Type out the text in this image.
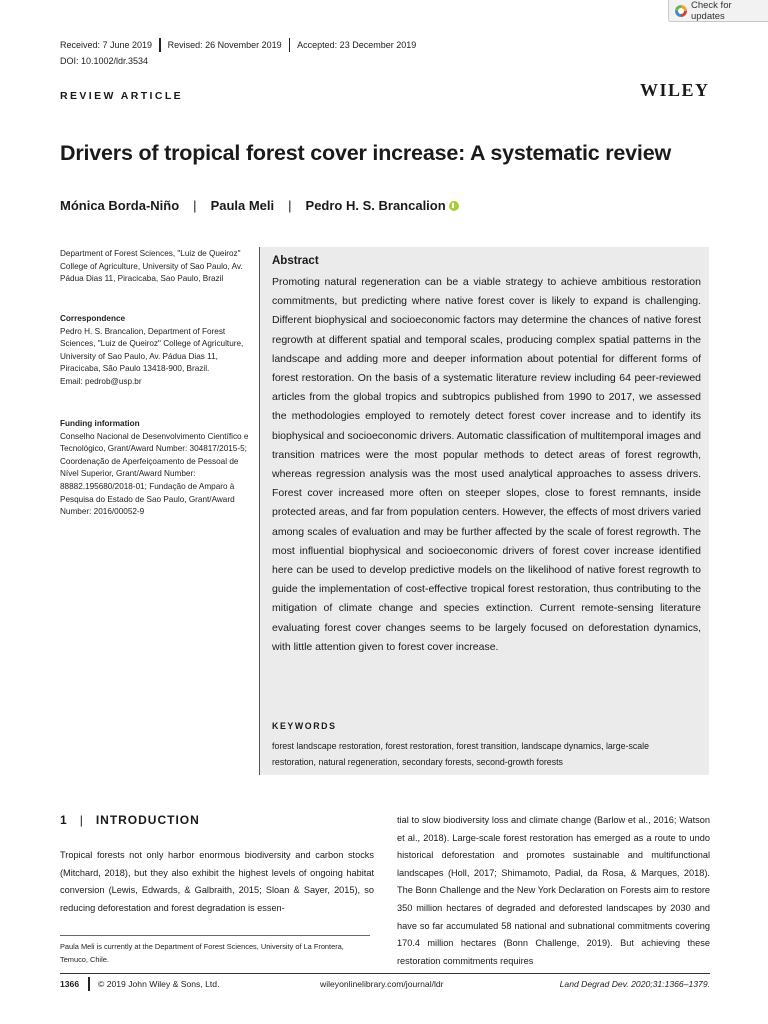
Check for updates
Received: 7 June 2019 Revised: 26 November 2019 Accepted: 23 December 2019
DOI: 10.1002/ldr.3534
REVIEW ARTICLE	WILEY
Drivers of tropical forest cover increase: A systematic review
Mónica Borda-Niño | Paula Meli | Pedro H. S. Brancalion
Department of Forest Sciences, "Luiz de Queiroz" College of Agriculture, University of Sao Paulo, Av. Pádua Dias 11, Piracicaba, Sao Paulo, Brazil
Correspondence
Pedro H. S. Brancalion, Department of Forest Sciences, "Luiz de Queiroz" College of Agriculture, University of Sao Paulo, Av. Pádua Dias 11, Piracicaba, São Paulo 13418-900, Brazil.
Email: pedrob@usp.br
Funding information
Conselho Nacional de Desenvolvimento Científico e Tecnológico, Grant/Award Number: 304817/2015-5; Coordenação de Aperfeiçoamento de Pessoal de Nível Superior, Grant/Award Number: 88882.195680/2018-01; Fundação de Amparo à Pesquisa do Estado de Sao Paulo, Grant/Award Number: 2016/00052-9
Abstract
Promoting natural regeneration can be a viable strategy to achieve ambitious restoration commitments, but predicting where native forest cover is likely to expand is challenging. Different biophysical and socioeconomic factors may determine the chances of native forest regrowth at different spatial and temporal scales, producing complex spatial patterns in the landscape and adding more and deeper information about potential for different forms of forest restoration. On the basis of a systematic literature review including 64 peer-reviewed articles from the global tropics and subtropics published from 1990 to 2017, we assessed the methodologies employed to remotely detect forest cover increase and to identify its biophysical and socioeconomic drivers. Automatic classification of multitemporal images and transition matrices were the most popular methods to detect areas of forest regrowth, whereas regression analysis was the most used analytical approaches to assess drivers. Forest cover increased more often on steeper slopes, close to forest remnants, inside protected areas, and far from population centers. However, the effects of most drivers varied among scales of evaluation and may be further affected by the scale of forest regrowth. The most influential biophysical and socioeconomic drivers of forest cover increase identified here can be used to develop predictive models on the likelihood of native forest regrowth to guide the implementation of cost-effective tropical forest restoration, thus contributing to the mitigation of climate change and species extinction. Current remote-sensing literature evaluating forest cover changes seems to be largely focused on deforestation dynamics, with little attention given to forest cover increase.
KEYWORDS
forest landscape restoration, forest restoration, forest transition, landscape dynamics, large-scale restoration, natural regeneration, secondary forests, second-growth forests
1 | INTRODUCTION
Tropical forests not only harbor enormous biodiversity and carbon stocks (Mitchard, 2018), but they also exhibit the highest levels of ongoing habitat conversion (Lewis, Edwards, & Galbraith, 2015; Sloan & Sayer, 2015), so reducing deforestation and forest degradation is essen-
tial to slow biodiversity loss and climate change (Barlow et al., 2016; Watson et al., 2018). Large-scale forest restoration has emerged as a route to undo historical deforestation and promotes sustainable and multifunctional landscapes (Holl, 2017; Shimamoto, Padial, da Rosa, & Marques, 2018). The Bonn Challenge and the New York Declaration on Forests aim to restore 350 million hectares of degraded and deforested landscapes by 2030 and have so far accumulated 58 national and subnational commitments covering 170.4 million hectares (Bonn Challenge, 2019). But achieving these restoration commitments requires
Paula Meli is currently at the Department of Forest Sciences, University of La Frontera, Temuco, Chile.
1366 © 2019 John Wiley & Sons, Ltd.	wileyonlinelibrary.com/journal/ldr	Land Degrad Dev. 2020;31:1366–1379.
